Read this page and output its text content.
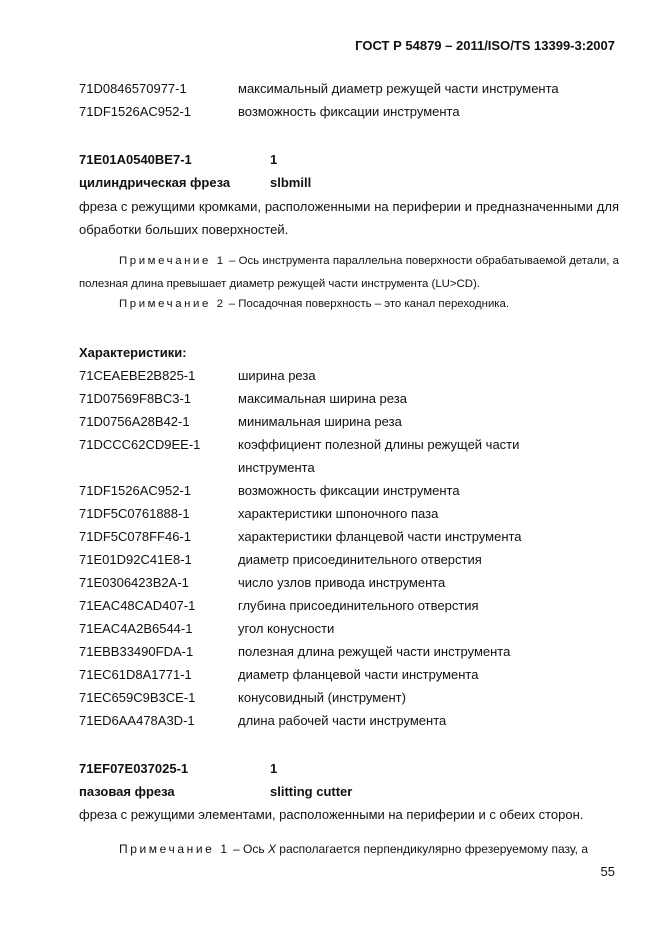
ГОСТ Р 54879 – 2011/ISO/TS 13399-3:2007
71D0846570977-1	максимальный диаметр режущей части инструмента
71DF1526AC952-1	возможность фиксации инструмента
71E01A0540BE7-1	1
цилиндрическая фреза	slbmill
фреза с режущими кромками, расположенными на периферии и предназначенными для обработки больших поверхностей.
Примечание 1 – Ось инструмента параллельна поверхности обрабатываемой детали, а полезная длина превышает диаметр режущей части инструмента (LU>CD).
Примечание 2 – Посадочная поверхность – это канал переходника.
Характеристики:
71CEAEBE2B825-1	ширина реза
71D07569F8BC3-1	максимальная ширина реза
71D0756A28B42-1	минимальная ширина реза
71DCCC62CD9EE-1	коэффициент полезной длины режущей части
инструмента
71DF1526AC952-1	возможность фиксации инструмента
71DF5C0761888-1	характеристики шпоночного паза
71DF5C078FF46-1	характеристики фланцевой части инструмента
71E01D92C41E8-1	диаметр присоединительного отверстия
71E0306423B2A-1	число узлов привода инструмента
71EAC48CAD407-1	глубина присоединительного отверстия
71EAC4A2B6544-1	угол конусности
71EBB33490FDA-1	полезная длина режущей части инструмента
71EC61D8A1771-1	диаметр фланцевой части инструмента
71EC659C9B3CE-1	конусовидный (инструмент)
71ED6AA478A3D-1	длина рабочей части инструмента
71EF07E037025-1	1
пазовая фреза	slitting cutter
фреза с режущими элементами, расположенными на периферии и с обеих сторон.
Примечание 1 – Ось X располагается перпендикулярно фрезеруемому пазу, а
55
